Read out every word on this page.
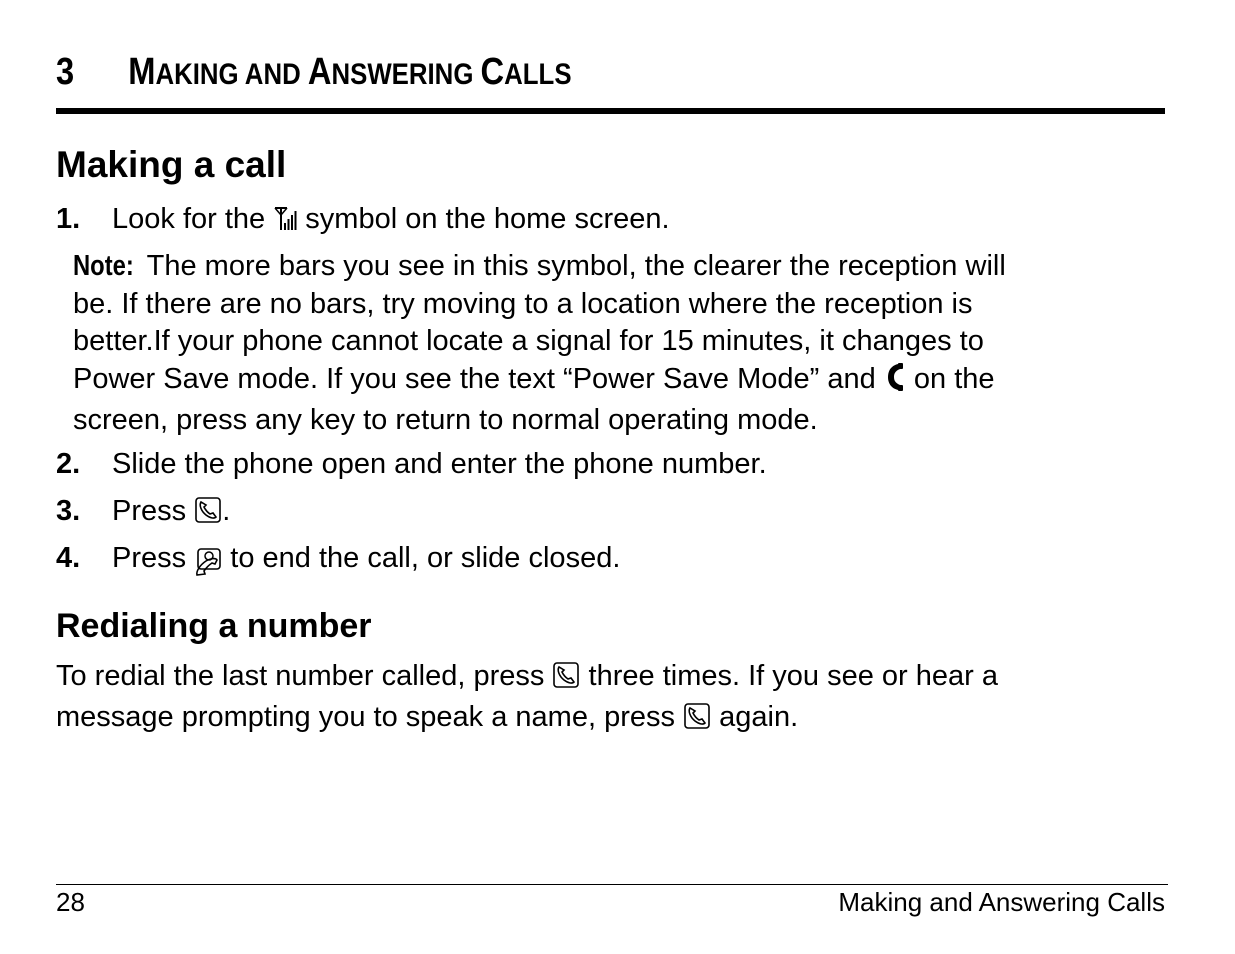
3 MAKING AND ANSWERING CALLS
Making a call
1. Look for the symbol on the home screen.
Note: The more bars you see in this symbol, the clearer the reception will
be. If there are no bars, try moving to a location where the reception is
better.If your phone cannot locate a signal for 15 minutes, it changes to
Power Save mode. If you see the text “Power Save Mode” and on the
screen, press any key to return to normal operating mode.
2. Slide the phone open and enter the phone number.
3. Press .
4. Press to end the call, or slide closed.
Redialing a number
To redial the last number called, press three times. If you see or hear a
message prompting you to speak a name, press again.
28	Making and Answering Calls
